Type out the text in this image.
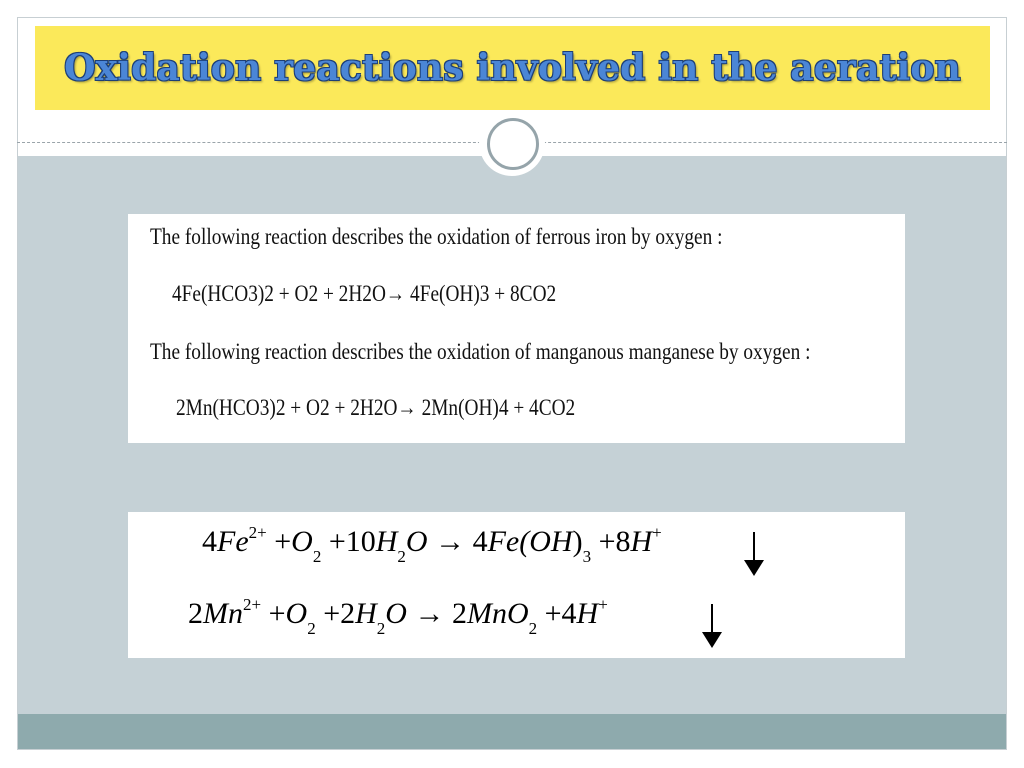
Oxidation reactions involved in the aeration
The following reaction describes the oxidation of ferrous iron by oxygen :
4Fe(HCO3)2 + O2 + 2H2O→ 4Fe(OH)3 + 8CO2
The following reaction describes the oxidation of manganous manganese by oxygen :
2Mn(HCO3)2 + O2 + 2H2O→ 2Mn(OH)4 + 4CO2
$4Fe^{2+} +O_2 +10H_2O \to 4Fe(OH)_3 +8H^+$
$2Mn^{2+} +O_2 +2H_2O \to 2MnO_2 +4H^+$
